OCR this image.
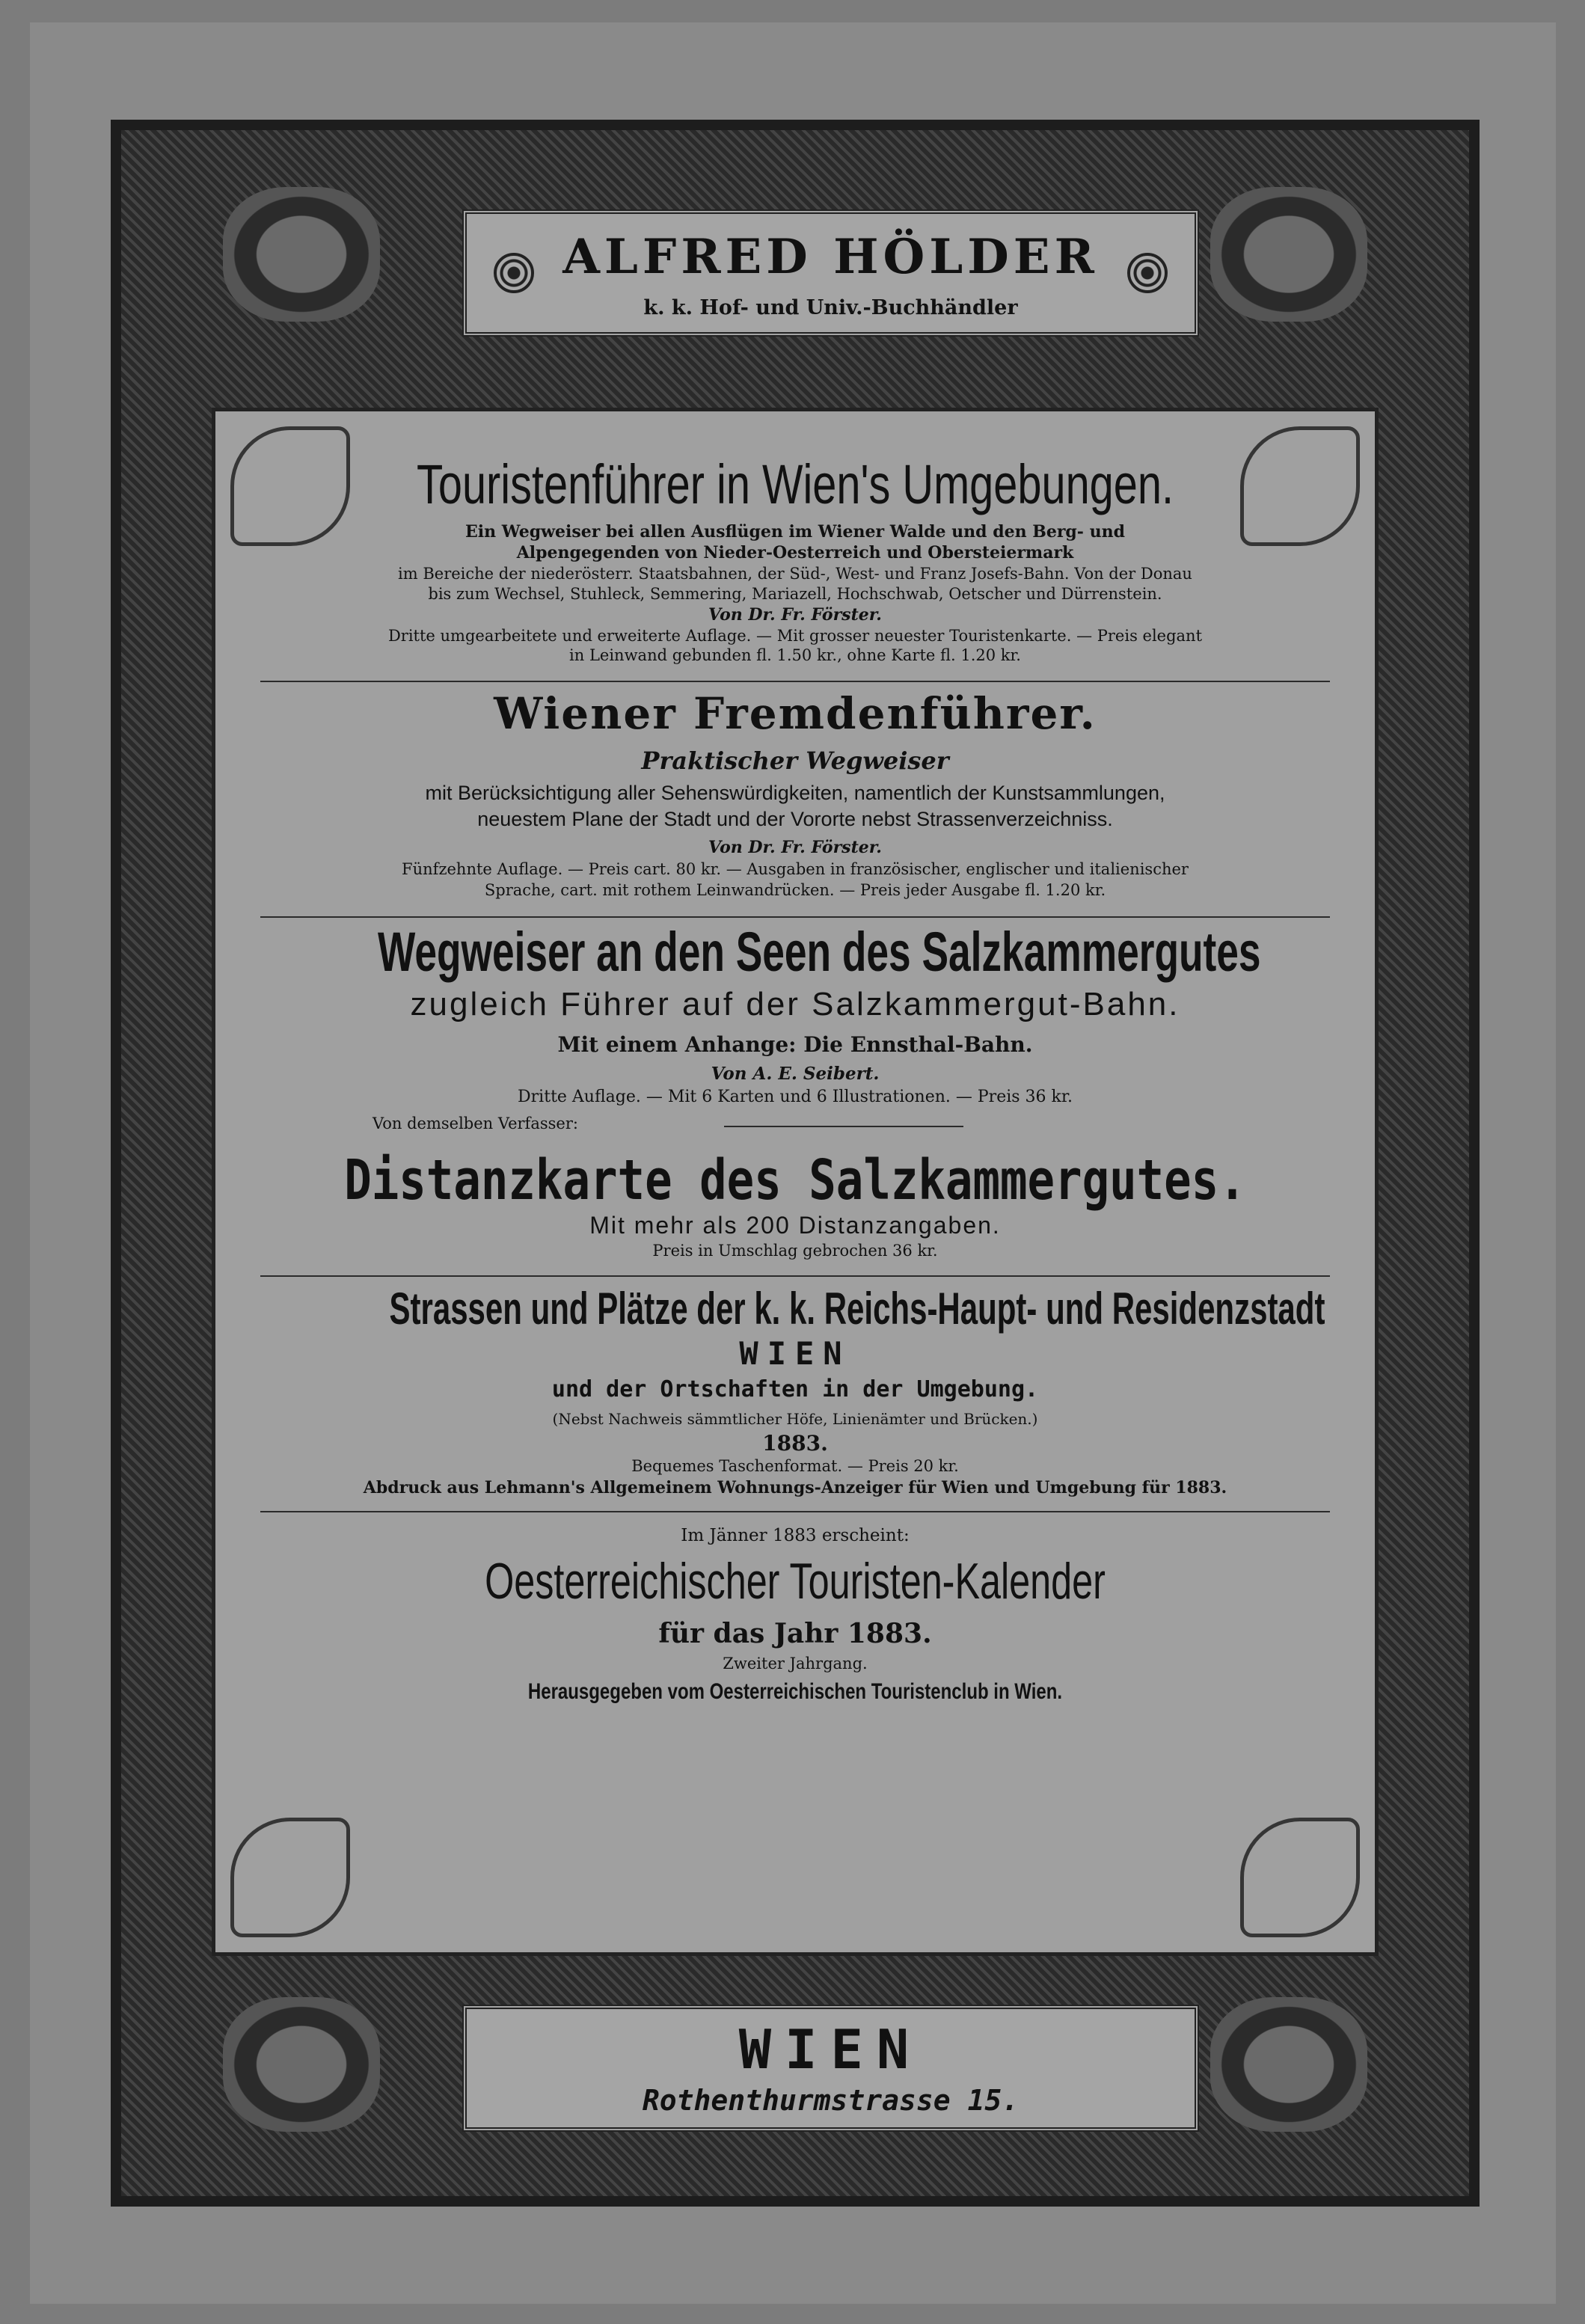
ALFRED HÖLDER
k. k. Hof- und Univ.-Buchhändler
Touristenführer in Wien's Umgebungen.
Ein Wegweiser bei allen Ausflügen im Wiener Walde und den Berg- und
Alpengegenden von Nieder-Oesterreich und Obersteiermark
im Bereiche der niederösterr. Staatsbahnen, der Süd-, West- und Franz Josefs-Bahn. Von der Donau
bis zum Wechsel, Stuhleck, Semmering, Mariazell, Hochschwab, Oetscher und Dürrenstein.
Von Dr. Fr. Förster.
Dritte umgearbeitete und erweiterte Auflage. — Mit grosser neuester Touristenkarte. — Preis elegant
in Leinwand gebunden fl. 1.50 kr., ohne Karte fl. 1.20 kr.
Wiener Fremdenführer.
Praktischer Wegweiser
mit Berücksichtigung aller Sehenswürdigkeiten, namentlich der Kunstsammlungen,
neuestem Plane der Stadt und der Vororte nebst Strassenverzeichniss.
Von Dr. Fr. Förster.
Fünfzehnte Auflage. — Preis cart. 80 kr. — Ausgaben in französischer, englischer und italienischer
Sprache, cart. mit rothem Leinwandrücken. — Preis jeder Ausgabe fl. 1.20 kr.
Wegweiser an den Seen des Salzkammergutes
zugleich Führer auf der Salzkammergut-Bahn.
Mit einem Anhange: Die Ennsthal-Bahn.
Von A. E. Seibert.
Dritte Auflage. — Mit 6 Karten und 6 Illustrationen. — Preis 36 kr.
Von demselben Verfasser:
Distanzkarte des Salzkammergutes.
Mit mehr als 200 Distanzangaben.
Preis in Umschlag gebrochen 36 kr.
Strassen und Plätze der k. k. Reichs-Haupt- und Residenzstadt
WIEN
und der Ortschaften in der Umgebung.
(Nebst Nachweis sämmtlicher Höfe, Linienämter und Brücken.)
1883.
Bequemes Taschenformat. — Preis 20 kr.
Abdruck aus Lehmann's Allgemeinem Wohnungs-Anzeiger für Wien und Umgebung für 1883.
Im Jänner 1883 erscheint:
Oesterreichischer Touristen-Kalender
für das Jahr 1883.
Zweiter Jahrgang.
Herausgegeben vom Oesterreichischen Touristenclub in Wien.
WIEN
Rothenthurmstrasse 15.
